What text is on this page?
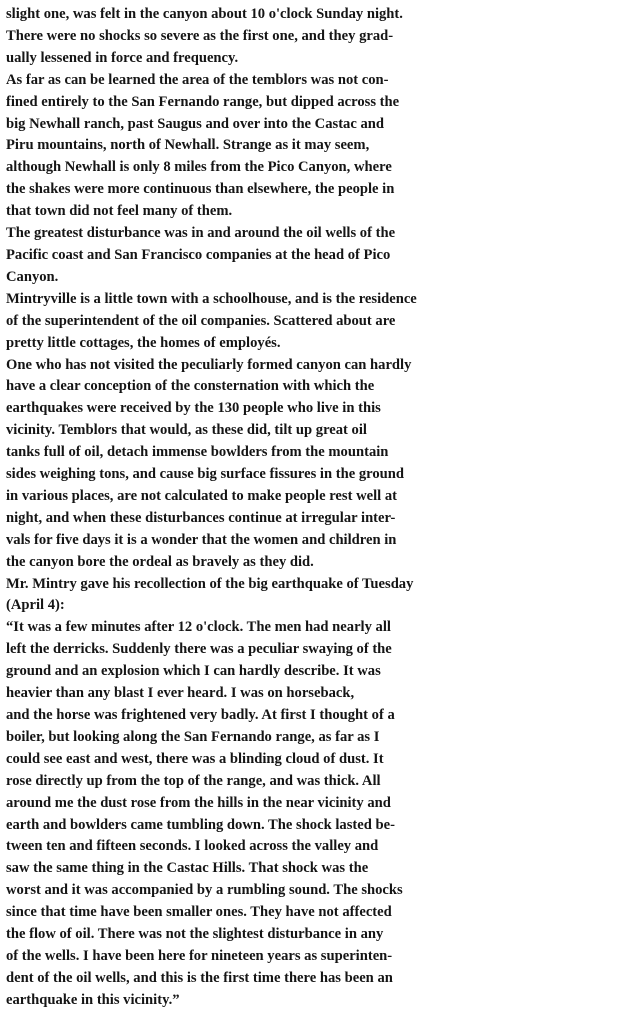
slight one, was felt in the canyon about 10 o'clock Sunday night.
There were no shocks so severe as the first one, and they grad-
ually lessened in force and frequency.

As far as can be learned the area of the temblors was not con-
fined entirely to the San Fernando range, but dipped across the
big Newhall ranch, past Saugus and over into the Castac and
Piru mountains, north of Newhall. Strange as it may seem,
although Newhall is only 8 miles from the Pico Canyon, where
the shakes were more continuous than elsewhere, the people in
that town did not feel many of them.

The greatest disturbance was in and around the oil wells of the
Pacific coast and San Francisco companies at the head of Pico
Canyon.

Mintryville is a little town with a schoolhouse, and is the residence
of the superintendent of the oil companies. Scattered about are
pretty little cottages, the homes of employés.

One who has not visited the peculiarly formed canyon can hardly
have a clear conception of the consternation with which the
earthquakes were received by the 130 people who live in this
vicinity. Temblors that would, as these did, tilt up great oil
tanks full of oil, detach immense bowlders from the mountain
sides weighing tons, and cause big surface fissures in the ground
in various places, are not calculated to make people rest well at
night, and when these disturbances continue at irregular inter-
vals for five days it is a wonder that the women and children in
the canyon bore the ordeal as bravely as they did.

Mr. Mintry gave his recollection of the big earthquake of Tuesday
(April 4):

“It was a few minutes after 12 o'clock. The men had nearly all
left the derricks. Suddenly there was a peculiar swaying of the
ground and an explosion which I can hardly describe. It was
heavier than any blast I ever heard. I was on horseback,
and the horse was frightened very badly. At first I thought of a
boiler, but looking along the San Fernando range, as far as I
could see east and west, there was a blinding cloud of dust. It
rose directly up from the top of the range, and was thick. All
around me the dust rose from the hills in the near vicinity and
earth and bowlders came tumbling down. The shock lasted be-
tween ten and fifteen seconds. I looked across the valley and
saw the same thing in the Castac Hills. That shock was the
worst and it was accompanied by a rumbling sound. The shocks
since that time have been smaller ones. They have not affected
the flow of oil. There was not the slightest disturbance in any
of the wells. I have been here for nineteen years as superinten-
dent of the oil wells, and this is the first time there has been an
earthquake in this vicinity.”
